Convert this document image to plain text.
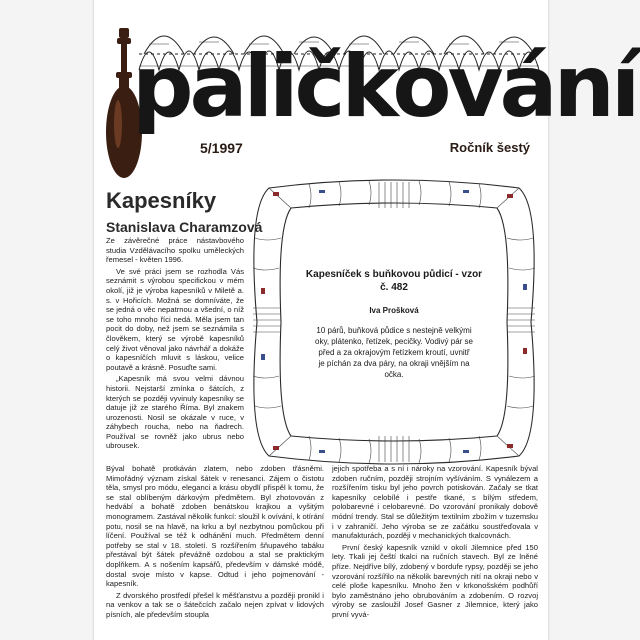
paličkování
5/1997	Ročník šestý
Kapesníky
Stanislava Charamzová

Ze závěrečné práce nástavbového studia Vzdělávacího spolku uměleckých řemesel - květen 1996.

Ve své práci jsem se rozhodla Vás seznámit s výrobou specifickou v mém okolí, již je výroba kapesníků v Miletě a. s. v Hořicích. Možná se domníváte, že se jedná o věc nepatrnou a všední, o níž se toho mnoho říci nedá. Měla jsem tan pocit do doby, než jsem se seznámila s člověkem, který se výrobě kapesníků celý život věnoval jako návrhář a dokáže o kapesníčích mluvit s láskou, velice poutavě a krásně. Posuďte sami.

„Kapesník má svou velmi dávnou historii. Nejstarší zmínka o šátcích, z kterých se později vyvinuly kapesníky se datuje již ze starého Říma. Byl znakem urozenosti. Nosil se okázale v ruce, v záhybech roucha, nebo na ňadrech. Používal se rovněž jako ubrus nebo ubrousek.

Kapesníček s buňkovou půdicí - vzor č. 482
Iva Prošková
10 párů, buňková půdice s nestejně velkými oky, plátenko, řetízek, pecičky. Vodivý pár se před a za okrajovým řetízkem kroutí, uvnitř je píchán za dva páry, na okraji vnějším na očka.

Býval bohatě protkáván zlatem, nebo zdoben třásněmi. Mimořádný význam získal šátek v renesanci. Zájem o čistotu těla, smysl pro módu, eleganci a krásu obydlí přispěl k tomu, že se stal oblíbeným dárkovým předmětem. Byl zhotovován z hedvábí a bohatě zdoben benátskou krajkou a vyšitým monogramem. Zastával několik funkcí: sloužil k ovívání, k otírání potu, nosil se na hlavě, na krku a byl nezbytnou pomůckou při líčení. Používal se též k odhánění much. Předmětem denní potřeby se stal v 18. století. S rozšířením šňupavého tabáku přestával být šátek převážně ozdobou a stal se praktickým doplňkem. A s nošením kapsářů, především v dámské módě, dostal svoje místo v kapse. Odtud i jeho pojmenování - kapesník.

Z dvorského prostředí přešel k měšťanstvu a později pronikl i na venkov a tak se o šátečcích začalo nejen zpívat v lidových písních, ale především stoupla

jejich spotřeba a s ní i nároky na vzorování. Kapesník býval zdoben ručním, později strojním vyšíváním. S vynálezem a rozšířením tisku byl jeho povrch potiskován. Začaly se tkat kapesníky celobílé i pestře tkané, s bílým středem, polobarevné i celobarevné. Do vzorování pronikaly dobově módní trendy. Stal se důležitým textilním zbožím v tuzemsku i v zahraničí. Jeho výroba se ze začátku soustřeďovala v manufakturách, později v mechanických tkalcovnách.

První český kapesník vznikl v okolí Jilemnice před 150 lety. Tkali jej čeští tkalci na ručních stavech. Byl ze lněné příze. Nejdříve bílý, zdobený v bordufe rypsy, později se jeho vzorování rozšířilo na několik barevných nití na okraji nebo v celé ploše kapesníku. Mnoho žen v krkonošském podhůří bylo zaměstnáno jeho obrubováním a zdobením. O rozvoj výroby se zasloužil Josef Gasner z Jilemnice, který jako první vyvá-
